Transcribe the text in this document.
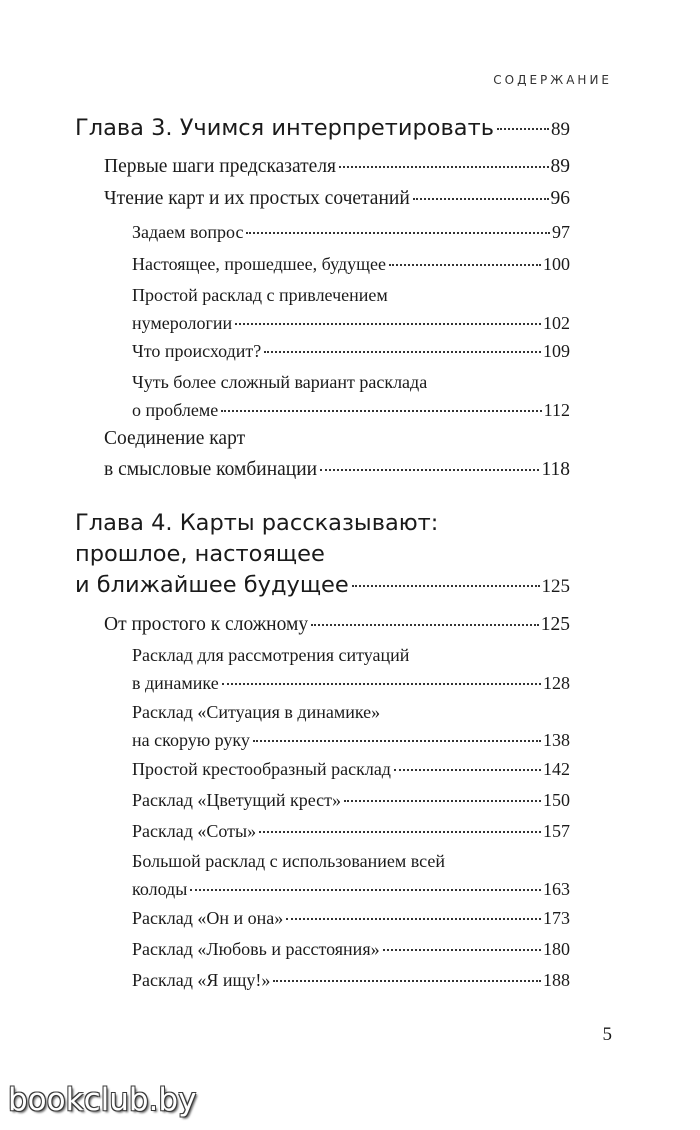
СОДЕРЖАНИЕ
Глава 3. Учимся интерпретировать	89
Первые шаги предсказателя	89
Чтение карт и их простых сочетаний	96
Задаем вопрос	97
Настоящее, прошедшее, будущее	100
Простой расклад с привлечением
нумерологии	102
Что происходит?	109
Чуть более сложный вариант расклада
о проблеме	112
Соединение карт
в смысловые комбинации	118
Глава 4. Карты рассказывают:
прошлое, настоящее
и ближайшее будущее	125
От простого к сложному	125
Расклад для рассмотрения ситуаций
в динамике	128
Расклад «Ситуация в динамике»
на скорую руку	138
Простой крестообразный расклад	142
Расклад «Цветущий крест»	150
Расклад «Соты»	157
Большой расклад с использованием всей
колоды	163
Расклад «Он и она»	173
Расклад «Любовь и расстояния»	180
Расклад «Я ищу!»	188
5
bookclub.by
